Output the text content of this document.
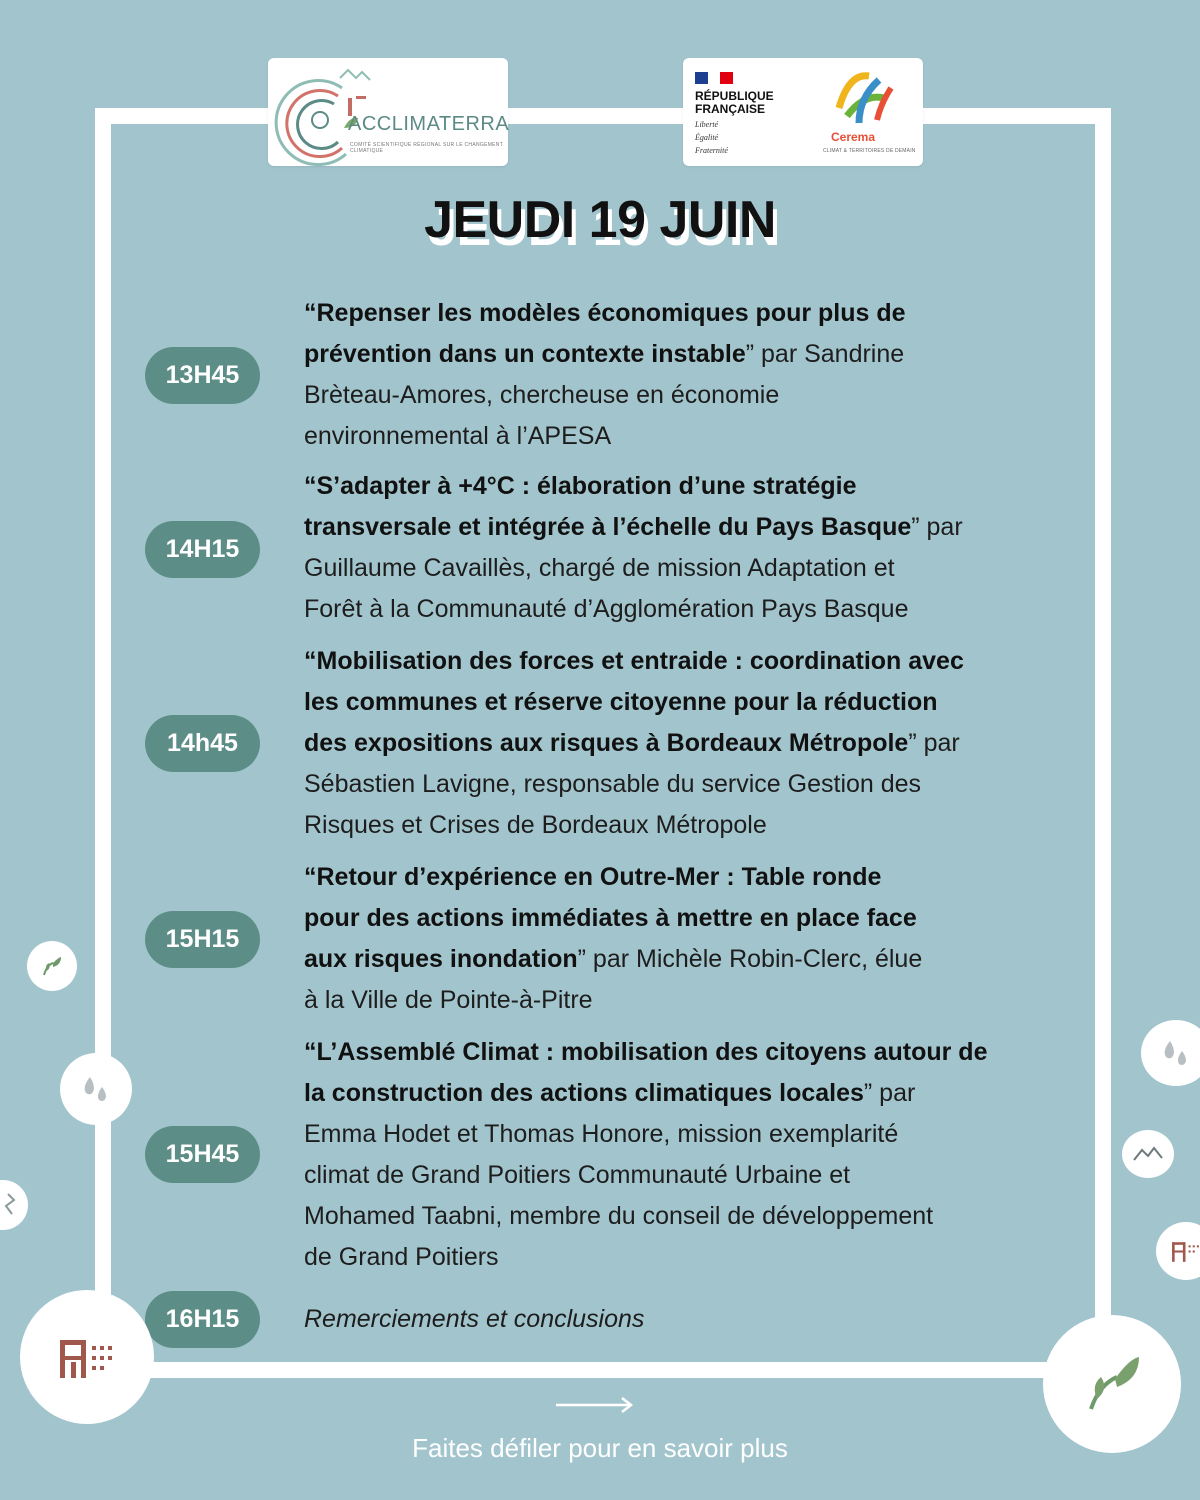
ACCLIMATERRA
COMITÉ SCIENTIFIQUE RÉGIONAL SUR LE CHANGEMENT CLIMATIQUE
RÉPUBLIQUE
FRANÇAISE
Liberté
Égalité
Fraternité
Cerema
CLIMAT & TERRITOIRES DE DEMAIN
JEUDI 19 JUIN
13H45
“Repenser les modèles économiques pour plus de
prévention dans un contexte instable” par Sandrine
Brèteau-Amores, chercheuse en économie
environnemental à l’APESA
14H15
“S’adapter à +4°C : élaboration d’une stratégie
transversale et intégrée à l’échelle du Pays Basque” par
Guillaume Cavaillès, chargé de mission Adaptation et
Forêt à la Communauté d’Agglomération Pays Basque
14h45
“Mobilisation des forces et entraide : coordination avec
les communes et réserve citoyenne pour la réduction
des expositions aux risques à Bordeaux Métropole” par
Sébastien Lavigne, responsable du service Gestion des
Risques et Crises de Bordeaux Métropole
15H15
“Retour d’expérience en Outre-Mer : Table ronde
pour des actions immédiates à mettre en place face
aux risques inondation” par Michèle Robin-Clerc, élue
à la Ville de Pointe-à-Pitre
15H45
“L’Assemblé Climat : mobilisation des citoyens autour de
la construction des actions climatiques locales” par
Emma Hodet et Thomas Honore, mission exemplarité
climat de Grand Poitiers Communauté Urbaine et
Mohamed Taabni, membre du conseil de développement
de Grand Poitiers
16H15	Remerciements et conclusions
Faites défiler pour en savoir plus
